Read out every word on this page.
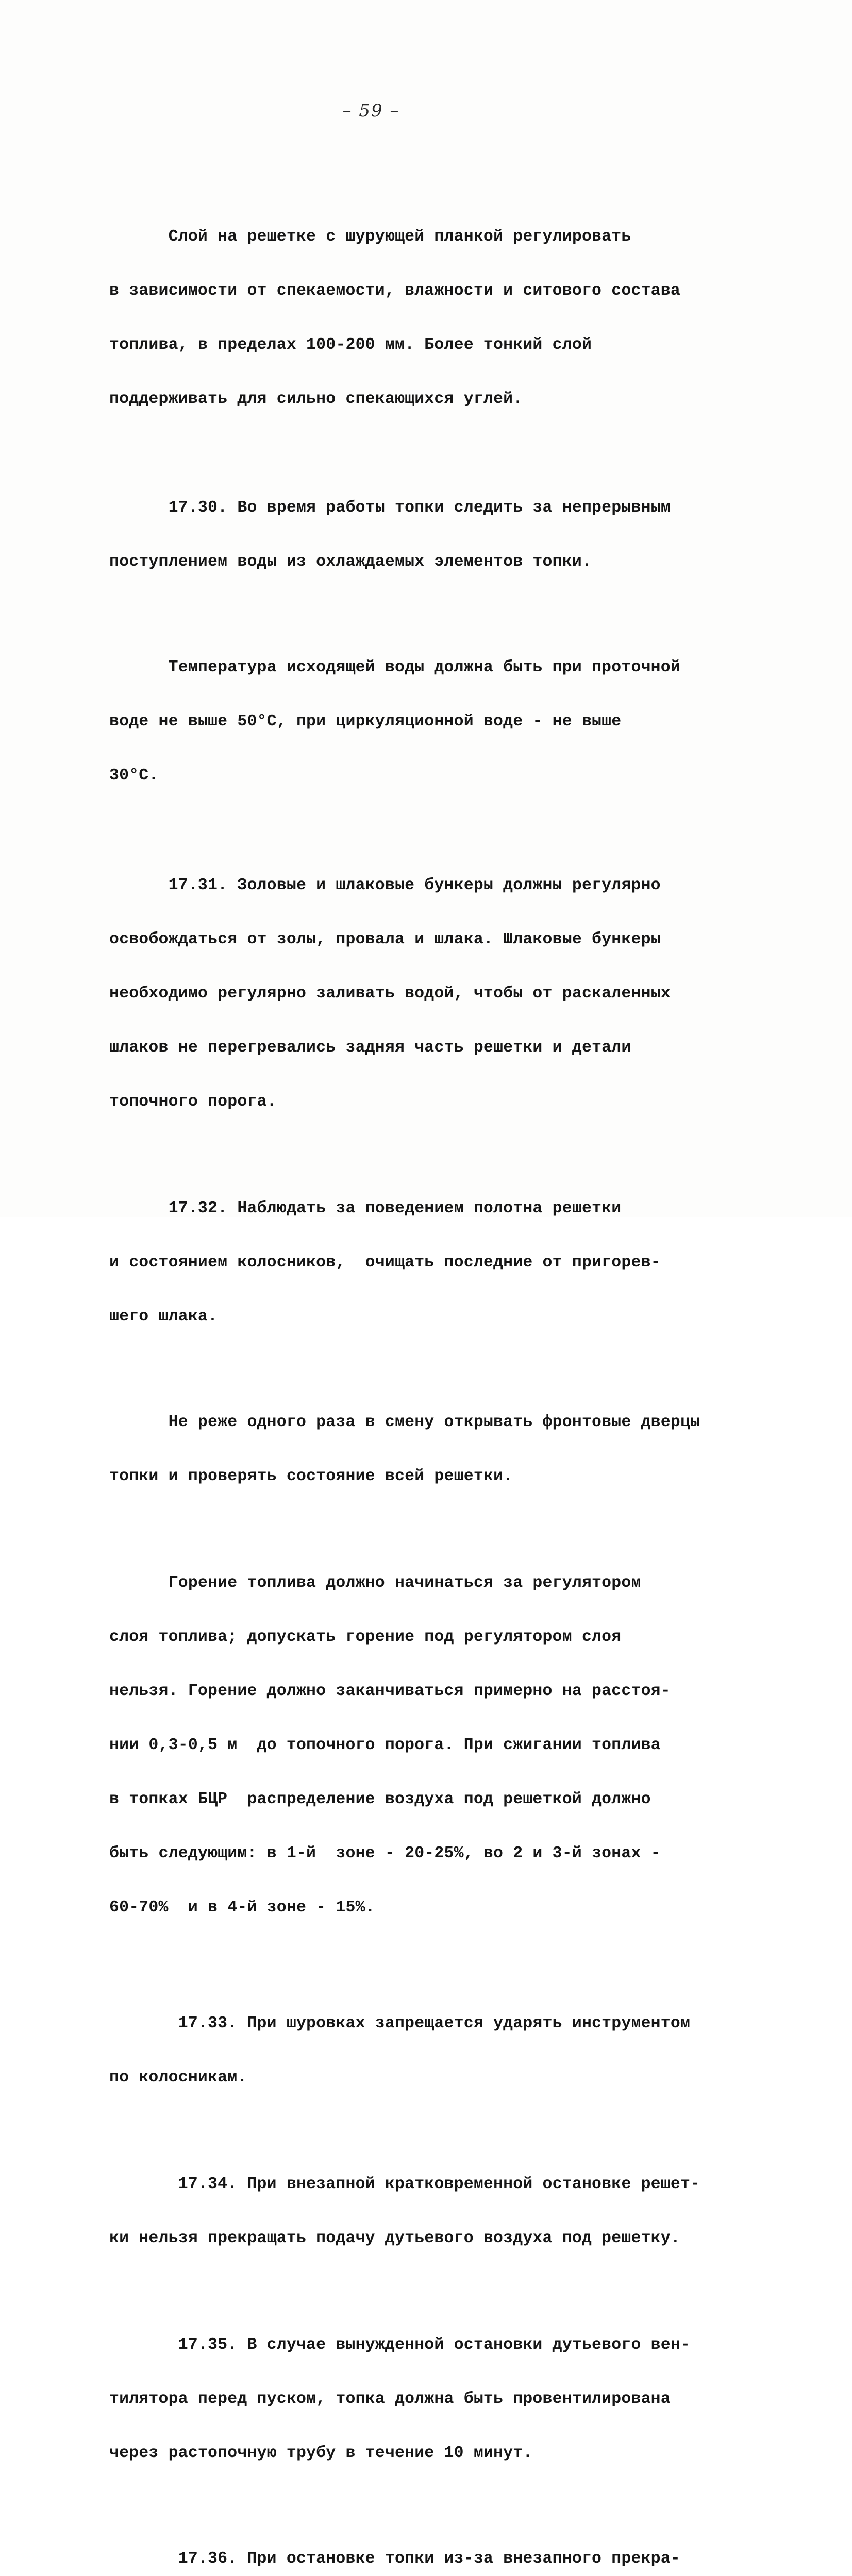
– 59 –

Слой на решетке с шурующей планкой регулировать

в зависимости от спекаемости, влажности и ситового состава

топлива, в пределах 100-200 мм. Более тонкий слой

поддерживать для сильно спекающихся углей.

17.30. Во время работы топки следить за непрерывным

поступлением воды из охлаждаемых элементов топки.

Температура исходящей воды должна быть при проточной

воде не выше 50°С, при циркуляционной воде - не выше

30°С.

17.31. Золовые и шлаковые бункеры должны регулярно

освобождаться от золы, провала и шлака. Шлаковые бункеры

необходимо регулярно заливать водой, чтобы от раскаленных

шлаков не перегревались задняя часть решетки и детали

топочного порога.

17.32. Наблюдать за поведением полотна решетки

и состоянием колосников,  очищать последние от пригорев-

шего шлака.

Не реже одного раза в смену открывать фронтовые дверцы

топки и проверять состояние всей решетки.

Горение топлива должно начинаться за регулятором

слоя топлива; допускать горение под регулятором слоя

нельзя. Горение должно заканчиваться примерно на расстоя-

нии 0,3-0,5 м  до топочного порога. При сжигании топлива

в топках БЦР  распределение воздуха под решеткой должно

быть следующим: в 1-й  зоне - 20-25%, во 2 и 3-й зонах -

60-70%  и в 4-й зоне - 15%.

17.33. При шуровках запрещается ударять инструментом

по колосникам.

17.34. При внезапной кратковременной остановке решет-

ки нельзя прекращать подачу дутьевого воздуха под решетку.

17.35. В случае вынужденной остановки дутьевого вен-

тилятора перед пуском, топка должна быть провентилирована

через растопочную трубу в течение 10 минут.

17.36. При остановке топки из-за внезапного прекра-
